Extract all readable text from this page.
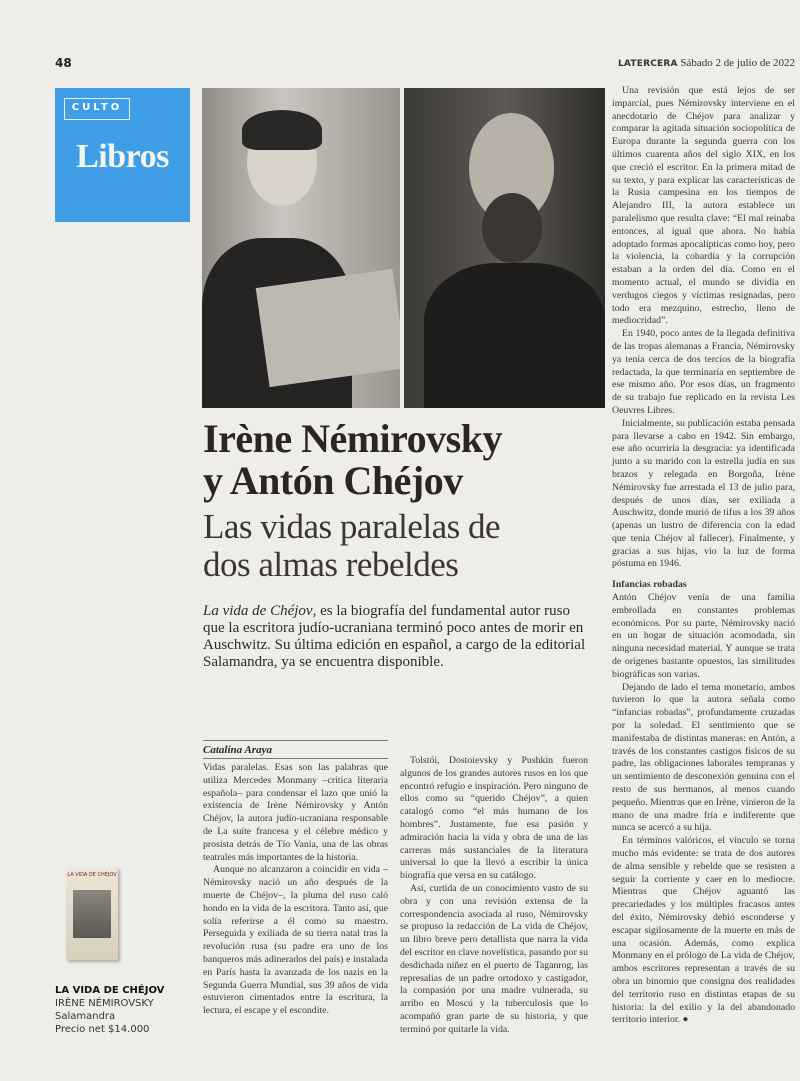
48	LATERCERA Sábado 2 de julio de 2022
CULTO
Libros
Irène Némirovsky
y Antón Chéjov
Las vidas paralelas de
dos almas rebeldes
La vida de Chéjov, es la biografía del fundamental autor ruso que la escritora judío-ucraniana terminó poco antes de morir en Auschwitz. Su última edición en español, a cargo de la editorial Salamandra, ya se encuentra disponible.
Catalina Araya

Vidas paralelas. Esas son las palabras que utiliza Mercedes Monmany –crítica literaria española– para condensar el lazo que unió la existencia de Irène Némirovsky y Antón Chéjov, la autora judío-ucraniana responsable de La suite francesa y el célebre médico y prosista detrás de Tío Vania, una de las obras teatrales más importantes de la historia.

Aunque no alcanzaron a coincidir en vida –Némirovsky nació un año después de la muerte de Chéjov–, la pluma del ruso caló hondo en la vida de la escritora. Tanto así, que solía referirse a él como su maestro. Perseguida y exiliada de su tierra natal tras la revolución rusa (su padre era uno de los banqueros más adinerados del país) e instalada en París hasta la avanzada de los nazis en la Segunda Guerra Mundial, sus 39 años de vida estuvieron cimentados entre la escritura, la lectura, el escape y el escondite.

Tolstói, Dostoievsky y Pushkin fueron algunos de los grandes autores rusos en los que encontró refugio e inspiración. Pero ninguno de ellos como su “querido Chéjov”, a quien catalogó como “el más humano de los hombres”. Justamente, fue esa pasión y admiración hacia la vida y obra de una de las carreras más sustanciales de la literatura universal lo que la llevó a escribir la única biografía que versa en su catálogo.

Así, curtida de un conocimiento vasto de su obra y con una revisión extensa de la correspondencia asociada al ruso, Némirovsky se propuso la redacción de La vida de Chéjov, un libro breve pero detallista que narra la vida del escritor en clave novelística, pasando por su desdichada niñez en el puerto de Taganrog, las represalias de un padre ortodoxo y castigador, la compasión por una madre vulnerada, su arribo en Moscú y la tuberculosis que lo acompañó gran parte de su historia, y que terminó por quitarle la vida.

Una revisión que está lejos de ser imparcial, pues Némirovsky interviene en el anecdotario de Chéjov para analizar y comparar la agitada situación sociopolítica de Europa durante la segunda guerra con los últimos cuarenta años del siglo XIX, en los que creció el escritor. En la primera mitad de su texto, y para explicar las características de la Rusia campesina en los tiempos de Alejandro III, la autora establece un paralelismo que resulta clave: “El mal reinaba entonces, al igual que ahora. No había adoptado formas apocalípticas como hoy, pero la violencia, la cobardía y la corrupción estaban a la orden del día. Como en el momento actual, el mundo se dividía en verdugos ciegos y víctimas resignadas, pero todo era mezquino, estrecho, lleno de mediocridad”.

En 1940, poco antes de la llegada definitiva de las tropas alemanas a Francia, Némirovsky ya tenía cerca de dos tercios de la biografía redactada, la que terminaría en septiembre de ese mismo año. Por esos días, un fragmento de su trabajo fue replicado en la revista Les Oeuvres Libres.

Inicialmente, su publicación estaba pensada para llevarse a cabo en 1942. Sin embargo, ese año ocurriría la desgracia: ya identificada junto a su marido con la estrella judía en sus brazos y relegada en Borgoña, Irène Némirovsky fue arrestada el 13 de julio para, después de unos días, ser exiliada a Auschwitz, donde murió de tifus a los 39 años (apenas un lustro de diferencia con la edad que tenía Chéjov al fallecer). Finalmente, y gracias a sus hijas, vio la luz de forma póstuma en 1946.

Infancias robadas

Antón Chéjov venía de una familia embrollada en constantes problemas económicos. Por su parte, Némirovsky nació en un hogar de situación acomodada, sin ninguna necesidad material. Y aunque se trata de orígenes bastante opuestos, las similitudes biográficas son varias.

Dejando de lado el tema monetario, ambos tuvieron lo que la autora señala como “infancias robadas”, profundamente cruzadas por la soledad. El sentimiento que se manifestaba de distintas maneras: en Antón, a través de los constantes castigos físicos de su padre, las obligaciones laborales tempranas y un sentimiento de desconexión genuina con el resto de sus hermanos, al menos cuando pequeño. Mientras que en Irène, vinieron de la mano de una madre fría e indiferente que nunca se acercó a su hija.

En términos valóricos, el vínculo se torna mucho más evidente: se trata de dos autores de alma sensible y rebelde que se resisten a seguir la corriente y caer en lo mediocre. Mientras que Chéjov aguantó las precariedades y los múltiples fracasos antes del éxito, Némirovsky debió esconderse y escapar sigilosamente de la muerte en más de una ocasión. Además, como explica Monmany en el prólogo de La vida de Chéjov, ambos escritores representan a través de su obra un binomio que consigna dos realidades del territorio ruso en distintas etapas de su historia: la del exilio y la del abandonado territorio interior. ●

LA VIDA DE CHÉJOV
LA VIDA DE CHÉJOV
IRÈNE NÉMIROVSKY
Salamandra
Precio net $14.000
